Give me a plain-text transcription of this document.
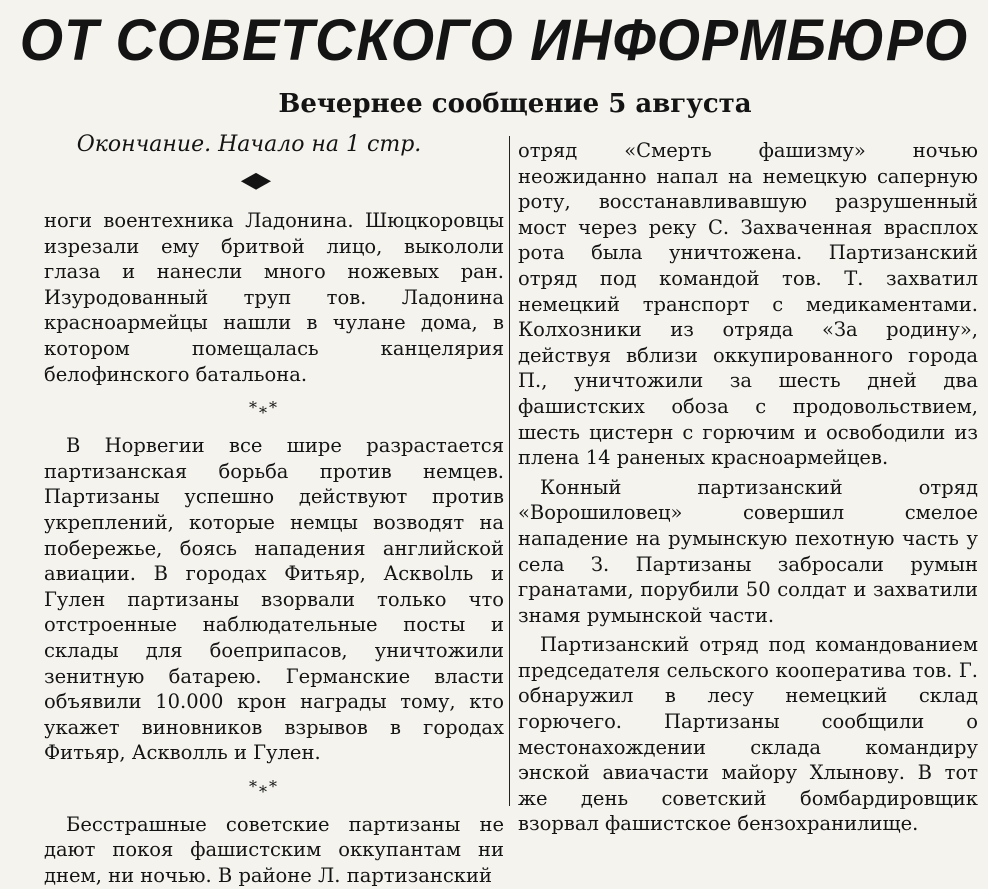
ОТ СОВЕТСКОГО ИНФОРМБЮРО
Вечернее сообщение 5 августа
Окончание. Начало на 1 стр.
◆

ноги воентехника Ладонина. Шюцкоровцы изрезали ему бритвой лицо, выкололи глаза и нанесли много ножевых ран. Изуродованный труп тов. Ладонина красноармейцы нашли в чулане дома, в котором помещалась канцелярия белофинского батальона.

*⁎*

В Норвегии все шире разрастается партизанская борьба против немцев. Партизаны успешно действуют против укреплений, которые немцы возводят на побережье, боясь нападения английской авиации. В городах Фитьяр, Асквolль и Гулен партизаны взорвали только что отстроенные наблюдательные посты и склады для боеприпасов, уничтожили зенитную батарею. Германские власти объявили 10.000 крон награды тому, кто укажет виновников взрывов в городах Фитьяр, Асквoлль и Гулен.

*⁎*

Бесстрашные советские партизаны не дают покоя фашистским оккупантам ни днем, ни ночью. В районе Л. партизанский

отряд «Смерть фашизму» ночью неожиданно напал на немецкую саперную роту, восстанавливавшую разрушенный мост через реку С. Захваченная врасплох рота была уничтожена. Партизанский отряд под командой тов. Т. захватил немецкий транспорт с медикаментами. Колхозники из отряда «За родину», действуя вблизи оккупированного города П., уничтожили за шесть дней два фашистских обоза с продовольствием, шесть цистерн с горючим и освободили из плена 14 раненых красноармейцев.

Конный партизанский отряд «Ворошиловец» совершил смелое нападение на румынскую пехотную часть у села З. Партизаны забросали румын гранатами, порубили 50 солдат и захватили знамя румынской части.

Партизанский отряд под командованием председателя сельского кооператива тов. Г. обнаружил в лесу немецкий склад горючего. Партизаны сообщили о местонахождении склада командиру энской авиачасти майору Хлынову. В тот же день советский бомбардировщик взорвал фашистское бензохранилище.
